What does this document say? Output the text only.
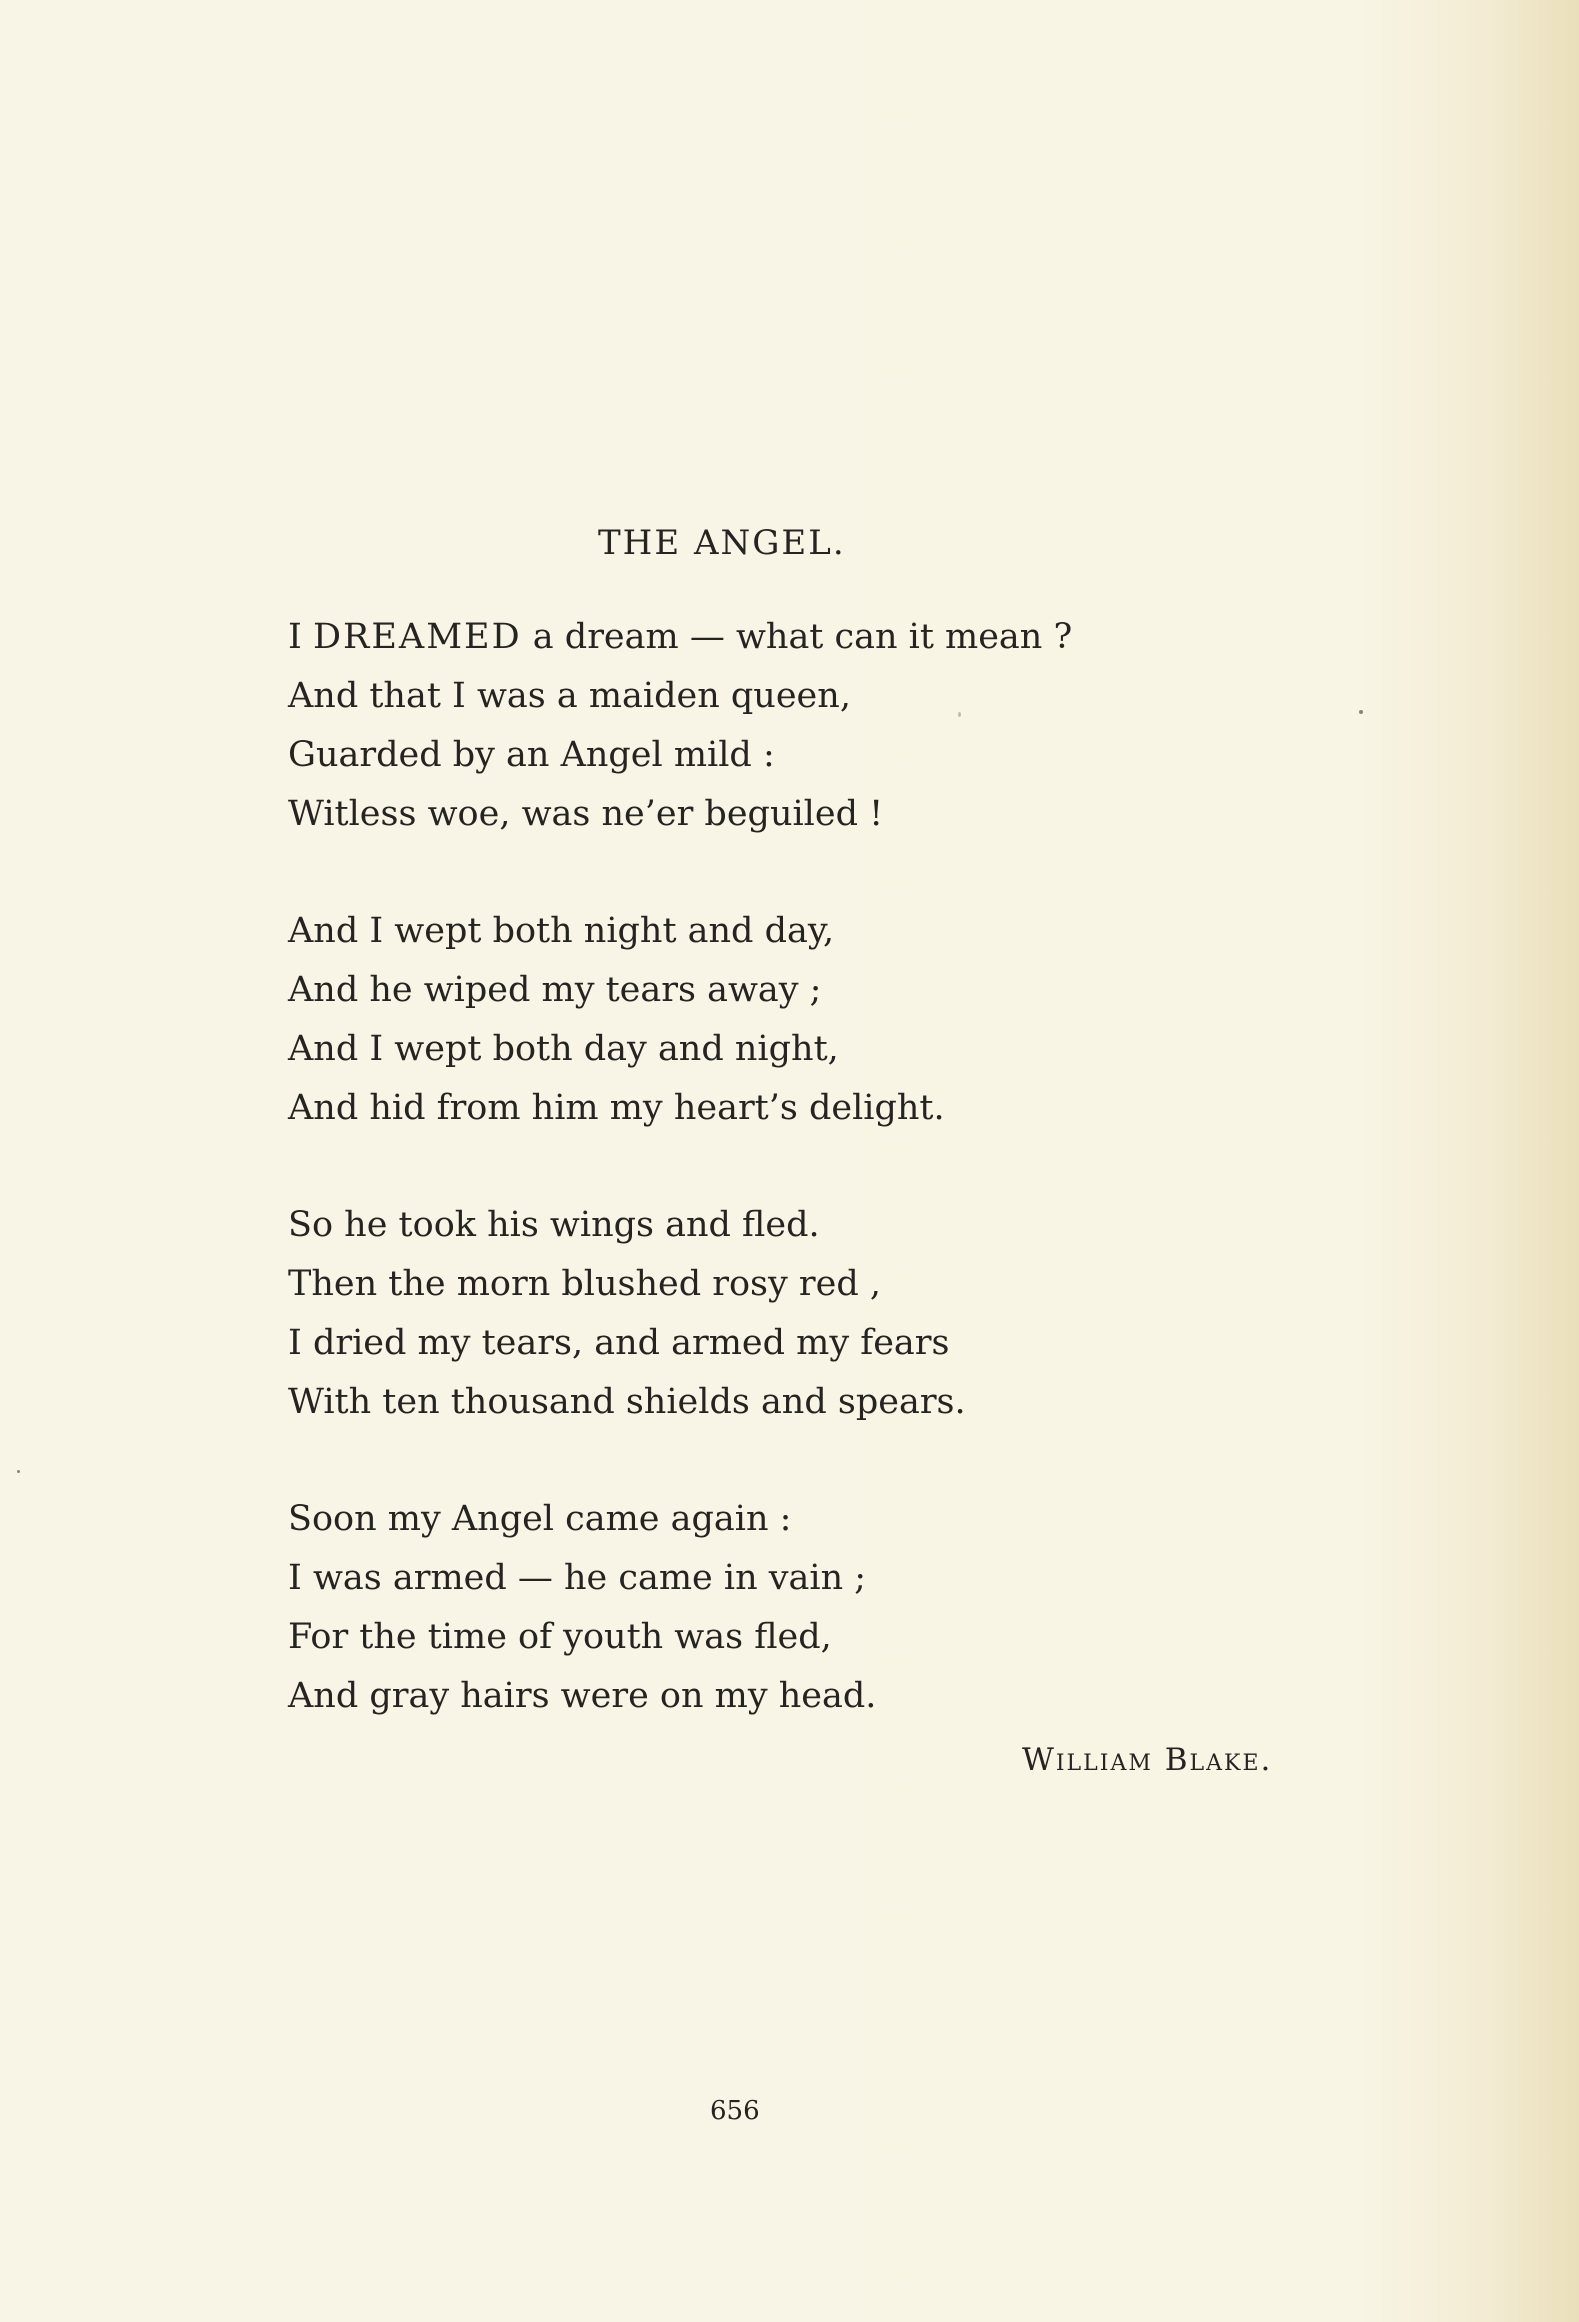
THE ANGEL.
I DREAMED a dream — what can it mean ?
And that I was a maiden queen,
Guarded by an Angel mild :
Witless woe, was ne’er beguiled !
And I wept both night and day,
And he wiped my tears away ;
And I wept both day and night,
And hid from him my heart’s delight.
So he took his wings and fled.
Then the morn blushed rosy red ,
I dried my tears, and armed my fears
With ten thousand shields and spears.
Soon my Angel came again :
I was armed — he came in vain ;
For the time of youth was fled,
And gray hairs were on my head.
William Blake.
656
